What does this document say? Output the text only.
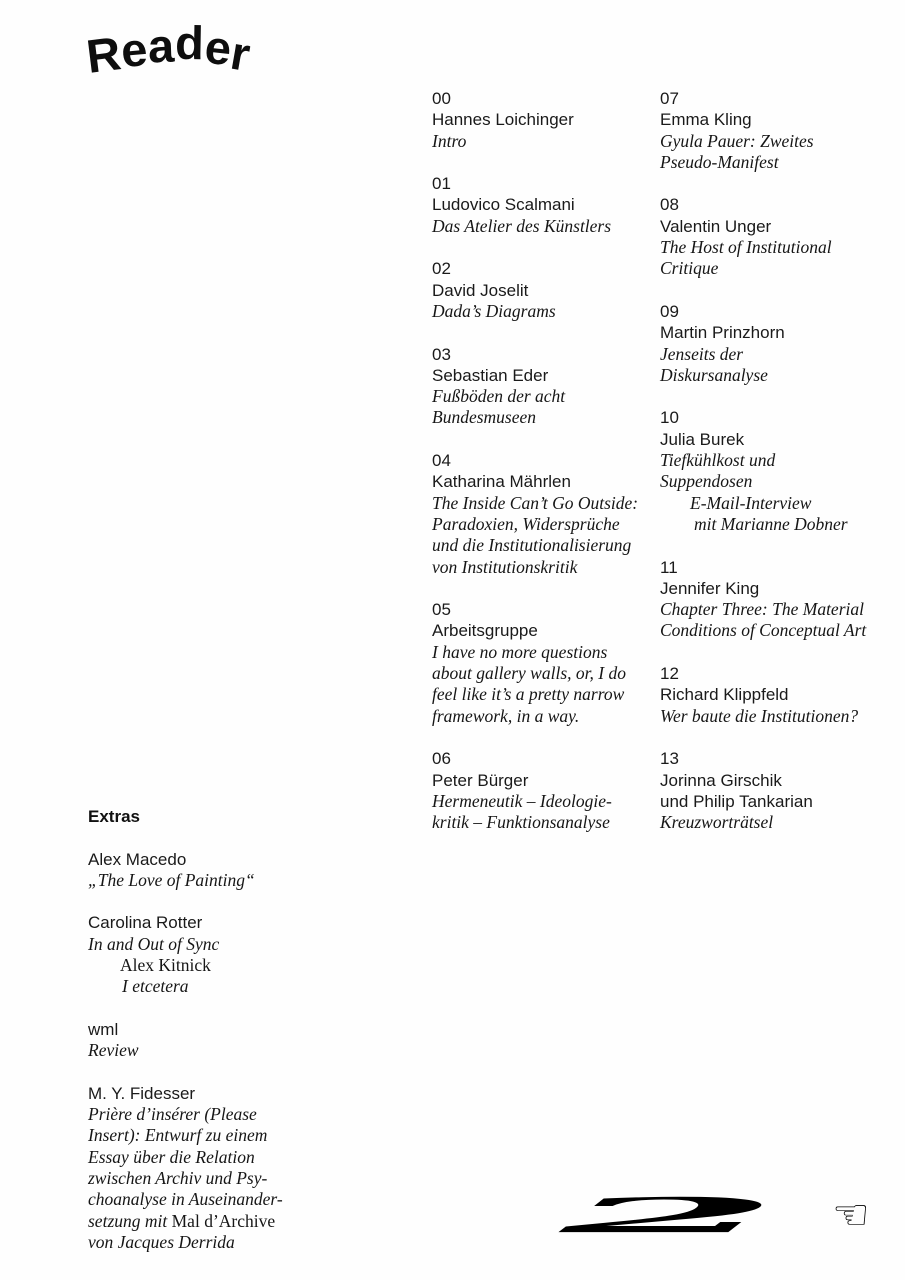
Reader
00
Hannes Loichinger
Intro
01
Ludovico Scalmani
Das Atelier des Künstlers
02
David Joselit
Dada’s Diagrams
03
Sebastian Eder
Fußböden der acht
Bundesmuseen
04
Katharina Mährlen
The Inside Can’t Go Outside:
Paradoxien, Widersprüche
und die Institutionalisierung
von Institutionskritik
05
Arbeitsgruppe
I have no more questions
about gallery walls, or, I do
feel like it’s a pretty narrow
framework, in a way.
06
Peter Bürger
Hermeneutik – Ideologie-
kritik – Funktionsanalyse
07
Emma Kling
Gyula Pauer: Zweites
Pseudo-Manifest
08
Valentin Unger
The Host of Institutional
Critique
09
Martin Prinzhorn
Jenseits der
Diskursanalyse
10
Julia Burek
Tiefkühlkost und
Suppendosen
E-Mail-Interview
mit Marianne Dobner
11
Jennifer King
Chapter Three: The Material
Conditions of Conceptual Art
12
Richard Klippfeld
Wer baute die Institutionen?
13
Jorinna Girschik
und Philip Tankarian
Kreuzworträtsel
Extras
Alex Macedo
„The Love of Painting“
Carolina Rotter
In and Out of Sync
Alex Kitnick
I etcetera
wml
Review
M. Y. Fidesser
Prière d’insérer (Please
Insert): Entwurf zu einem
Essay über die Relation
zwischen Archiv und Psy-
choanalyse in Auseinander-
setzung mit Mal d’Archive
von Jacques Derrida	2 ☜
